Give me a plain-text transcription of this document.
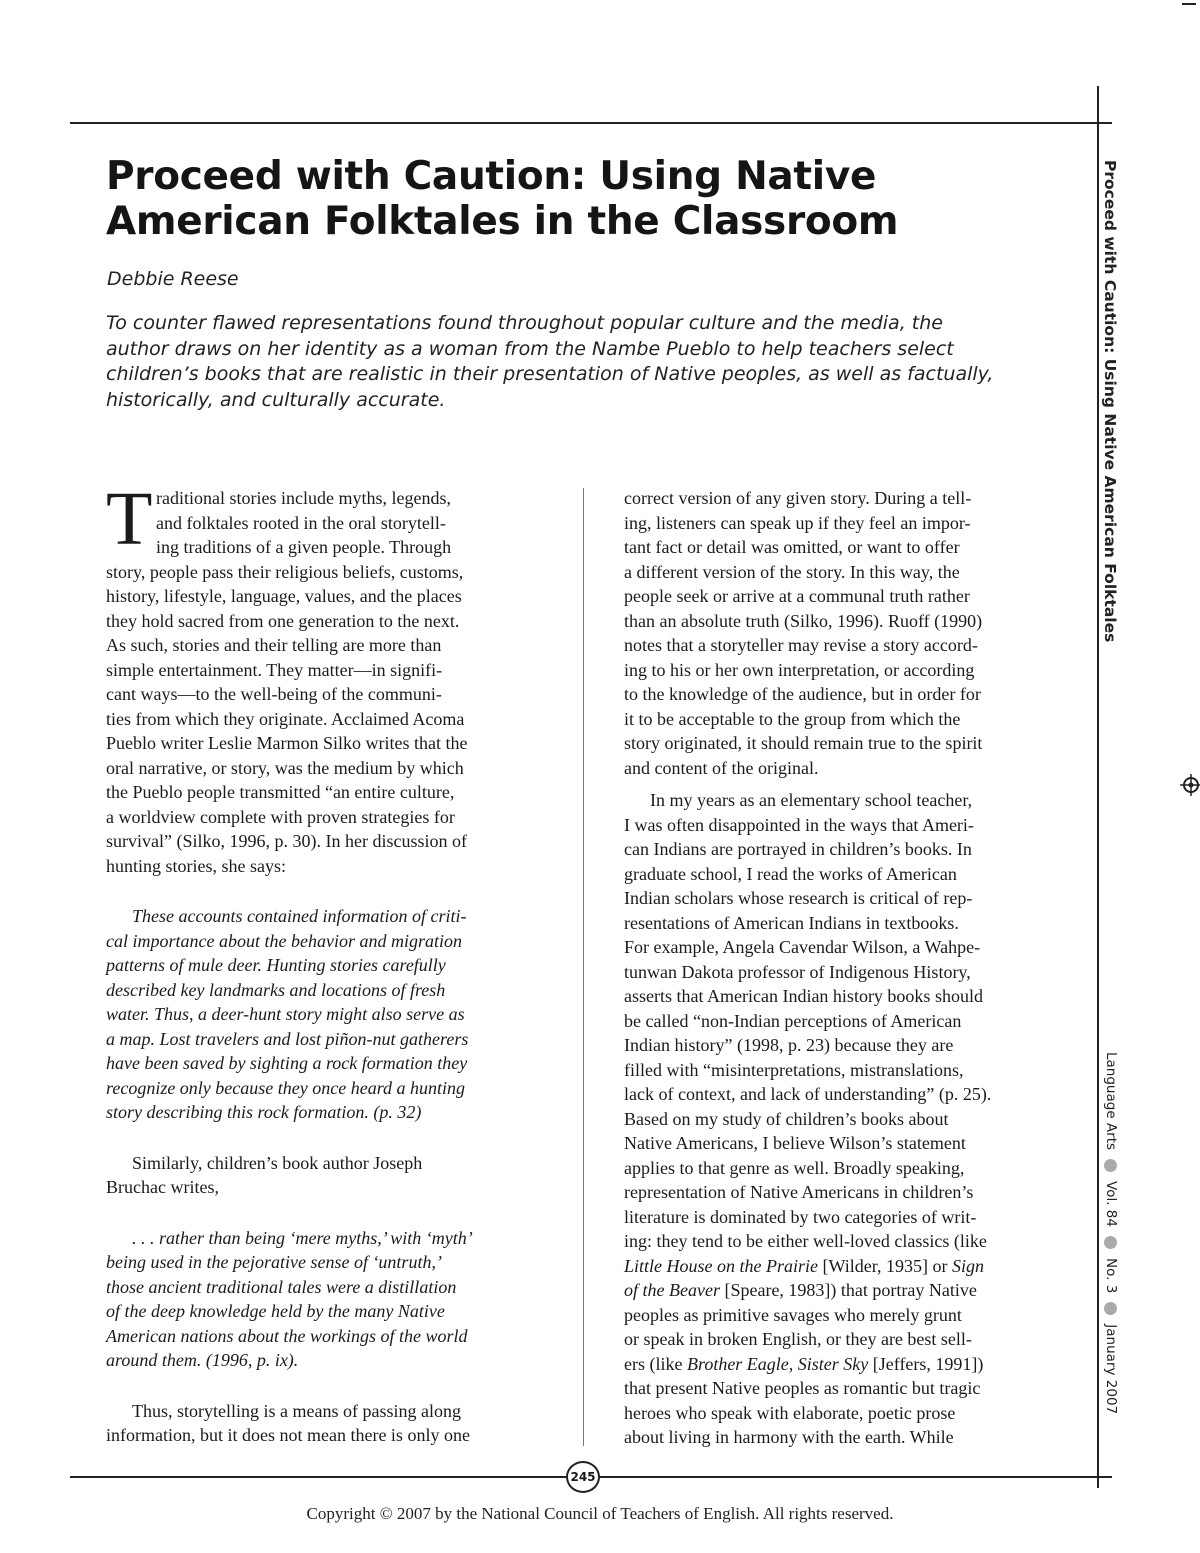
Proceed with Caution: Using Native
American Folktales in the Classroom
Debbie Reese
To counter flawed representations found throughout popular culture and the media, the
author draws on her identity as a woman from the Nambe Pueblo to help teachers select
children’s books that are realistic in their presentation of Native peoples, as well as factually,
historically, and culturally accurate.
T raditional stories include myths, legends,
and folktales rooted in the oral storytell-
ing traditions of a given people. Through
story, people pass their religious beliefs, customs,
history, lifestyle, language, values, and the places
they hold sacred from one generation to the next.
As such, stories and their telling are more than
simple entertainment. They matter—in signifi-
cant ways—to the well-being of the communi-
ties from which they originate. Acclaimed Acoma
Pueblo writer Leslie Marmon Silko writes that the
oral narrative, or story, was the medium by which
the Pueblo people transmitted “an entire culture,
a worldview complete with proven strategies for
survival” (Silko, 1996, p. 30). In her discussion of
hunting stories, she says:
These accounts contained information of criti-
cal importance about the behavior and migration
patterns of mule deer. Hunting stories carefully
described key landmarks and locations of fresh
water. Thus, a deer-hunt story might also serve as
a map. Lost travelers and lost piñon-nut gatherers
have been saved by sighting a rock formation they
recognize only because they once heard a hunting
story describing this rock formation. (p. 32)
Similarly, children’s book author Joseph
Bruchac writes,
. . . rather than being ‘mere myths,’ with ‘myth’
being used in the pejorative sense of ‘untruth,’
those ancient traditional tales were a distillation
of the deep knowledge held by the many Native
American nations about the workings of the world
around them. (1996, p. ix).
Thus, storytelling is a means of passing along
information, but it does not mean there is only one
correct version of any given story. During a tell-
ing, listeners can speak up if they feel an impor-
tant fact or detail was omitted, or want to offer
a different version of the story. In this way, the
people seek or arrive at a communal truth rather
than an absolute truth (Silko, 1996). Ruoff (1990)
notes that a storyteller may revise a story accord-
ing to his or her own interpretation, or according
to the knowledge of the audience, but in order for
it to be acceptable to the group from which the
story originated, it should remain true to the spirit
and content of the original.
In my years as an elementary school teacher,
I was often disappointed in the ways that Ameri-
can Indians are portrayed in children’s books. In
graduate school, I read the works of American
Indian scholars whose research is critical of rep-
resentations of American Indians in textbooks.
For example, Angela Cavendar Wilson, a Wahpe-
tunwan Dakota professor of Indigenous History,
asserts that American Indian history books should
be called “non-Indian perceptions of American
Indian history” (1998, p. 23) because they are
filled with “misinterpretations, mistranslations,
lack of context, and lack of understanding” (p. 25).
Based on my study of children’s books about
Native Americans, I believe Wilson’s statement
applies to that genre as well. Broadly speaking,
representation of Native Americans in children’s
literature is dominated by two categories of writ-
ing: they tend to be either well-loved classics (like
Little House on the Prairie [Wilder, 1935] or Sign
of the Beaver [Speare, 1983]) that portray Native
peoples as primitive savages who merely grunt
or speak in broken English, or they are best sell-
ers (like Brother Eagle, Sister Sky [Jeffers, 1991])
that present Native peoples as romantic but tragic
heroes who speak with elaborate, poetic prose
about living in harmony with the earth. While
Proceed with Caution: Using Native American Folktales
Language Arts
Vol. 84
No. 3
January 2007
245
Copyright © 2007 by the National Council of Teachers of English. All rights reserved.
